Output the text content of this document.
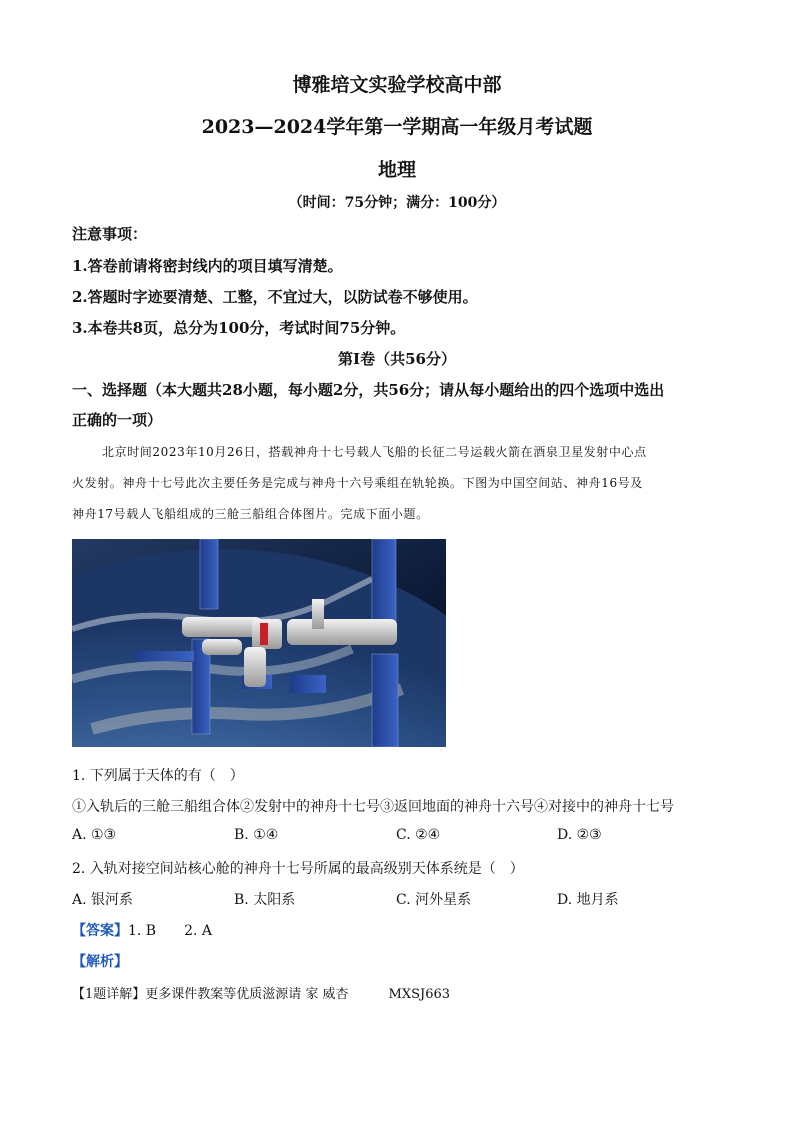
博雅培文实验学校高中部
2023—2024学年第一学期高一年级月考试题
地理
（时间：75分钟；满分：100分）
注意事项：
1.答卷前请将密封线内的项目填写清楚。
2.答题时字迹要清楚、工整，不宜过大，以防试卷不够使用。
3.本卷共8页，总分为100分，考试时间75分钟。
第Ⅰ卷（共56分）
一、选择题（本大题共28小题，每小题2分，共56分；请从每小题给出的四个选项中选出
正确的一项）
北京时间2023年10月26日，搭载神舟十七号载人飞船的长征二号运载火箭在酒泉卫星发射中心点
火发射。神舟十七号此次主要任务是完成与神舟十六号乘组在轨轮换。下图为中国空间站、神舟16号及
神舟17号载人飞船组成的三舱三船组合体图片。完成下面小题。
1. 下列属于天体的有（　）
①入轨后的三舱三船组合体②发射中的神舟十七号③返回地面的神舟十六号④对接中的神舟十七号
A. ①③	B. ①④	C. ②④	D. ②③
2. 入轨对接空间站核心舱的神舟十七号所属的最高级别天体系统是（　）
A. 银河系	B. 太阳系	C. 河外星系	D. 地月系
【答案】1. B　　2. A
【解析】
【1题详解】更多课件教案等优质滋源请 家 威杏	MXSJ663
